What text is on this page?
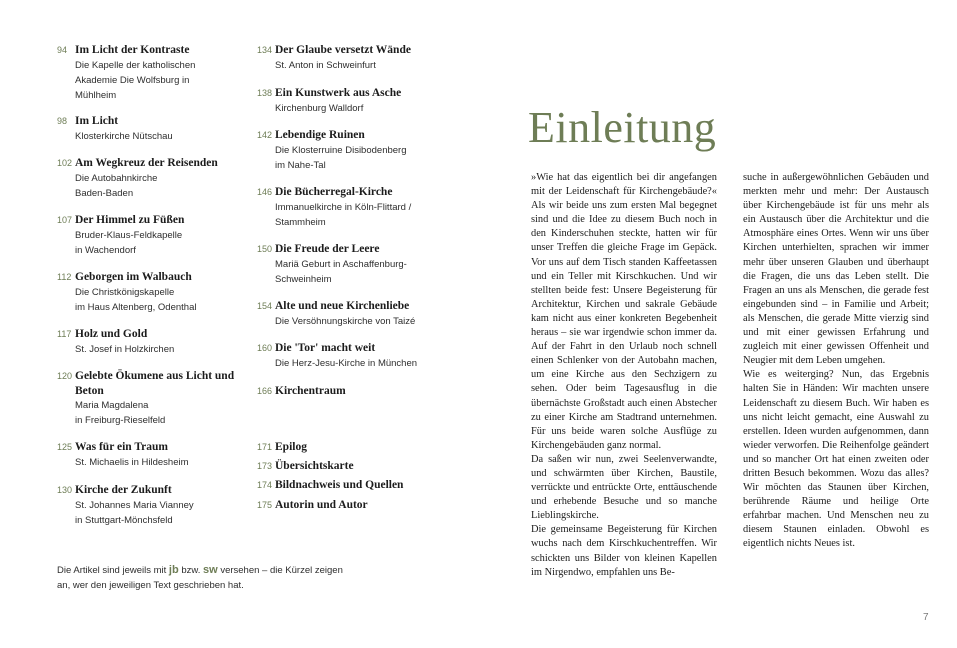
94 Im Licht der Kontraste
Die Kapelle der katholischen
Akademie Die Wolfsburg in
Mühlheim
98 Im Licht
Klosterkirche Nütschau
102 Am Wegkreuz der Reisenden
Die Autobahnkirche
Baden-Baden
107 Der Himmel zu Füßen
Bruder-Klaus-Feldkapelle
in Wachendorf
112 Geborgen im Walbauch
Die Christkönigskapelle
im Haus Altenberg, Odenthal
117 Holz und Gold
St. Josef in Holzkirchen
120 Gelebte Ökumene aus Licht und Beton
Maria Magdalena
in Freiburg-Rieselfeld
125 Was für ein Traum
St. Michaelis in Hildesheim
130 Kirche der Zukunft
St. Johannes Maria Vianney
in Stuttgart-Mönchsfeld
134 Der Glaube versetzt Wände
St. Anton in Schweinfurt
138 Ein Kunstwerk aus Asche
Kirchenburg Walldorf
142 Lebendige Ruinen
Die Klosterruine Disibodenberg
im Nahe-Tal
146 Die Bücherregal-Kirche
Immanuelkirche in Köln-Flittard /
Stammheim
150 Die Freude der Leere
Mariä Geburt in Aschaffenburg-
Schweinheim
154 Alte und neue Kirchenliebe
Die Versöhnungskirche von Taizé
160 Die 'Tor' macht weit
Die Herz-Jesu-Kirche in München
166 Kirchentraum
171 Epilog
173 Übersichtskarte
174 Bildnachweis und Quellen
175 Autorin und Autor
Die Artikel sind jeweils mit jb bzw. sw versehen – die Kürzel zeigen an, wer den jeweiligen Text geschrieben hat.
Einleitung

»Wie hat das eigentlich bei dir angefangen mit der Leidenschaft für Kirchengebäude?« Als wir beide uns zum ersten Mal begegnet sind und die Idee zu diesem Buch noch in den Kinderschuhen steckte, hatten wir für unser Treffen die gleiche Frage im Gepäck. Vor uns auf dem Tisch standen Kaffeetassen und ein Teller mit Kirschkuchen. Und wir stellten beide fest: Unsere Begeisterung für Architektur, Kirchen und sakrale Gebäude kam nicht aus einer konkreten Begebenheit heraus – sie war irgendwie schon immer da. Auf der Fahrt in den Urlaub noch schnell einen Schlenker von der Autobahn machen, um eine Kirche aus den Sechzigern zu sehen. Oder beim Tagesausflug in die übernächste Großstadt auch einen Abstecher zu einer Kirche am Stadtrand unternehmen. Für uns beide waren solche Ausflüge zu Kirchengebäuden ganz normal.

Da saßen wir nun, zwei Seelenverwandte, und schwärmten über Kirchen, Baustile, verrückte und entrückte Orte, enttäuschende und erhebende Besuche und so manche Lieblingskirche.

Die gemeinsame Begeisterung für Kirchen wuchs nach dem Kirschkuchentreffen. Wir schickten uns Bilder von kleinen Kapellen im Nirgendwo, empfahlen uns Be-

suche in außergewöhnlichen Gebäuden und merkten mehr und mehr: Der Austausch über Kirchengebäude ist für uns mehr als ein Austausch über die Architektur und die Atmosphäre eines Ortes. Wenn wir uns über Kirchen unterhielten, sprachen wir immer mehr über unseren Glauben und überhaupt die Fragen, die uns das Leben stellt. Die Fragen an uns als Menschen, die gerade fest eingebunden sind – in Familie und Arbeit; als Menschen, die gerade Mitte vierzig sind und mit einer gewissen Erfahrung und zugleich mit einer gewissen Offenheit und Neugier mit dem Leben umgehen.

Wie es weiterging? Nun, das Ergebnis halten Sie in Händen: Wir machten unsere Leidenschaft zu diesem Buch. Wir haben es uns nicht leicht gemacht, eine Auswahl zu erstellen. Ideen wurden aufgenommen, dann wieder verworfen. Die Reihenfolge geändert und so mancher Ort hat einen zweiten oder dritten Besuch bekommen. Wozu das alles? Wir möchten das Staunen über Kirchen, berührende Räume und heilige Orte erfahrbar machen. Und Menschen neu zu diesem Staunen einladen. Obwohl es eigentlich nichts Neues ist.

7
